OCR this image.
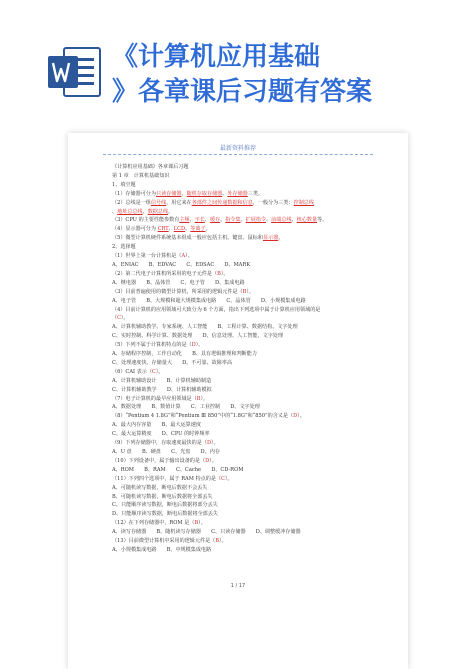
《计算机应用基础
》各章课后习题有答案
最新资料推荐
《计算机应用基础》各章课后习题
第 1 章　计算机基础知识
1、填空题
（1）存储器可分为只读存储器、随机存取存储器、外存储器三类。
（2）总线是一组信号线，用它来在各部件之间传递数据和信息，一般分为三类：控制总线
、地址总总线、数据总线。
（3）CPU 的主要性能参数有主频、字长、缓存、指令集、扩展指令、前端总线、核心数量等。
（4）显示器可分为 CRT、LCD、等离子。
（5）微型计算机硬件系统基本组成一般应包括主机、键盘、鼠标和显示器。
2、选择题
（1）世界上第一台计算机是（A）。
A、ENIAC　　B、EDVAC　　C、EDSAC　　D、MARK
（2）第二代电子计算机所采用的电子元件是（B）。
A、继电器　　B、晶体管　　C、电子管　　D、集成电路
（3）目前普遍使用的微型计算机，所采用的逻辑元件是（B）。
A、电子管　　B、大规模和超大规模集成电路　　C、晶体管　　D、小规模集成电路
（4）目前计算机的应用领域可大致分为 6 个方面，指出下列选项中属于计算机应用领域的是
（C）。
A、计算机辅助教学、专家系统、人工智能　　B、工程计算、数据结构、文字处理
C、实时控制、科学计算、数据处理　　D、信息处理、人工智能、文字处理
（5）下列不属于计算机特点的是（D）。
A、存储程序控制，工作自动化　　B、具有逻辑推理和判断能力
C、处理速度快、存储量大　　D、不可靠、故障率高
（6）CAI 表示（C）。
A、计算机辅助设计　　B、计算机辅助制造
C、计算机辅助教学　　D、计算机辅助模拟
（7）电子计算机的最早应用领域是（B）。
A、数据处理　　B、数值计算　　C、工业控制　　D、文字处理
（8）“Pentium 4 1.8G”和“Pentium Ⅲ 850”中的“1.8G”和“850”的含义是（D）。
A、最大内存容量　　B、最大运算速度
C、最大运算精度　　D、CPU 的时钟频率
（9）下列存储器中，存取速度最快的是（D）。
A、U 盘　　B、硬盘　　C、光盘　　D、内存
（10）下列设备中，属于输出设备的是（D）。
A、ROM　　B、RAM　　C、Cache　　D、CD-ROM
（11）下列四个选项中，属于 RAM 特点的是（C）。
A、可随机读写数据，断电后数据不会丢失
B、可随机读写数据，断电后数据将全部丢失
C、只能顺序读写数据，断电后数据将部分丢失
D、只能顺序读写数据，断电后数据将全部丢失
（12）在下列存储器中，ROM 是（B）。
A、读写存储器　　B、随机读写存储器　　C、只读存储器　　D、调整缓冲存储器
（13）目前微型计算机中采用的逻辑元件是（B）。
A、小规模集成电路　　B、中规模集成电路
1 / 17
